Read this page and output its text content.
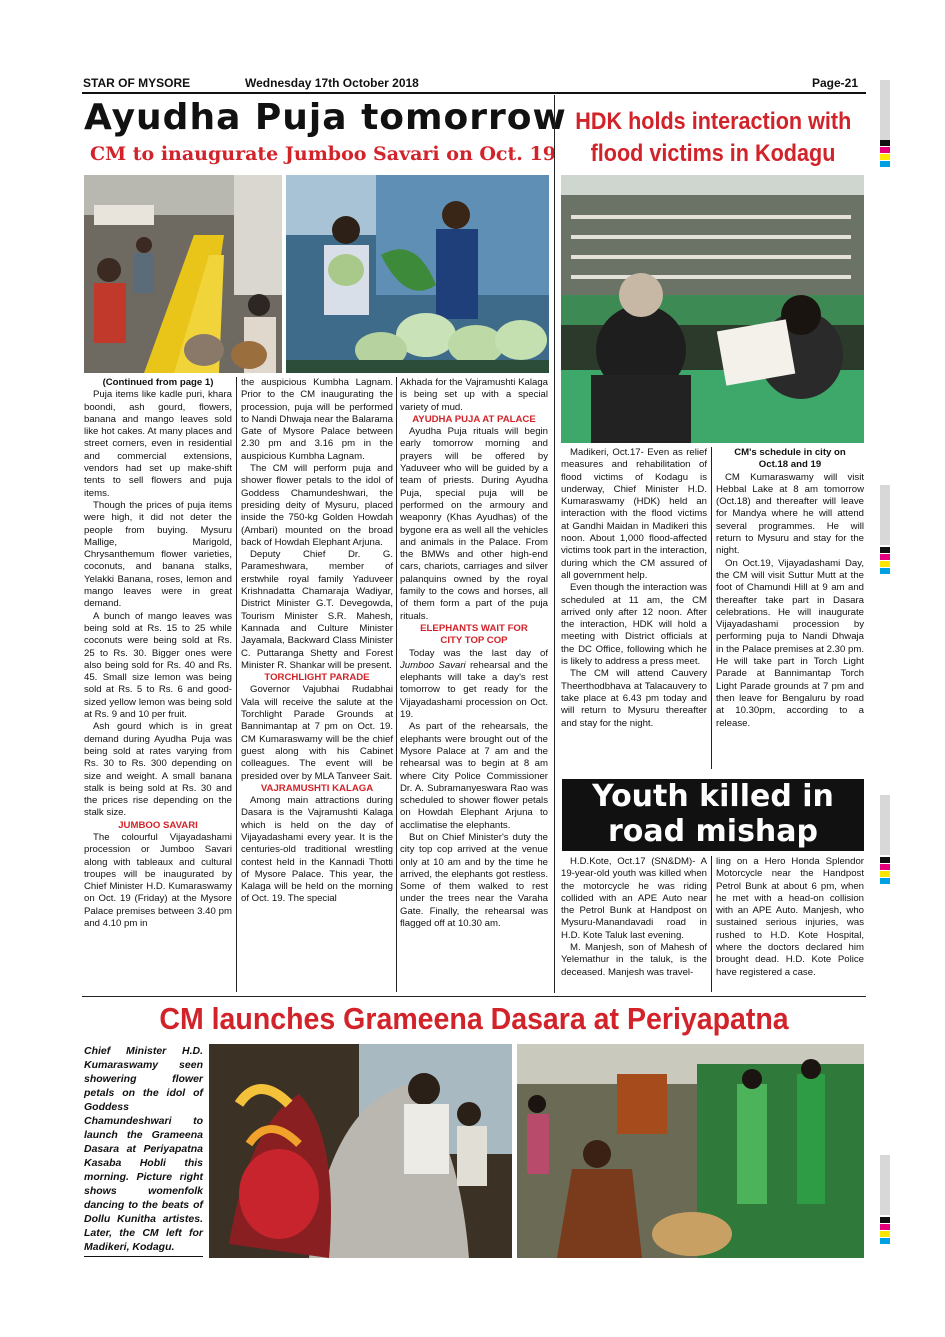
STAR OF MYSORE	Wednesday 17th October 2018	Page-21
Ayudha Puja tomorrow
CM to inaugurate Jumboo Savari on Oct. 19
(Continued from page 1)

Puja items like kadle puri, khara boondi, ash gourd, flowers, banana and mango leaves sold like hot cakes. At many places and street corners, even in residential and commercial extensions, vendors had set up make-shift tents to sell flowers and puja items.

Though the prices of puja items were high, it did not deter the people from buying. Mysuru Mallige, Marigold, Chrysanthemum flower varieties, coconuts, and banana stalks, Yelakki Banana, roses, lemon and mango leaves were in great demand.

A bunch of mango leaves was being sold at Rs. 15 to 25 while coconuts were being sold at Rs. 25 to Rs. 30. Bigger ones were also being sold for Rs. 40 and Rs. 45. Small size lemon was being sold at Rs. 5 to Rs. 6 and good-sized yellow lemon was being sold at Rs. 9 and 10 per fruit.

Ash gourd which is in great demand during Ayudha Puja was being sold at rates varying from Rs. 30 to Rs. 300 depending on size and weight. A small banana stalk is being sold at Rs. 30 and the prices rise depending on the stalk size.

JUMBOO SAVARI

The colourful Vijayadashami procession or Jumboo Savari along with tableaux and cultural troupes will be inaugurated by Chief Minister H.D. Kumaraswamy on Oct. 19 (Friday) at the Mysore Palace premises between 3.40 pm and 4.10 pm in

the auspicious Kumbha Lagnam. Prior to the CM inaugurating the procession, puja will be performed to Nandi Dhwaja near the Balarama Gate of Mysore Palace between 2.30 pm and 3.16 pm in the auspicious Kumbha Lagnam.

The CM will perform puja and shower flower petals to the idol of Goddess Chamundeshwari, the presiding deity of Mysuru, placed inside the 750-kg Golden Howdah (Ambari) mounted on the broad back of Howdah Elephant Arjuna.

Deputy Chief Dr. G. Parameshwara, member of erstwhile royal family Yaduveer Krishnadatta Chamaraja Wadiyar, District Minister G.T. Devegowda, Tourism Minister S.R. Mahesh, Kannada and Culture Minister Jayamala, Backward Class Minister C. Puttaranga Shetty and Forest Minister R. Shankar will be present.

TORCHLIGHT PARADE

Governor Vajubhai Rudabhai Vala will receive the salute at the Torchlight Parade Grounds at Bannimantap at 7 pm on Oct. 19. CM Kumaraswamy will be the chief guest along with his Cabinet colleagues. The event will be presided over by MLA Tanveer Sait.

VAJRAMUSHTI KALAGA

Among main attractions during Dasara is the Vajramushti Kalaga which is held on the day of Vijayadashami every year. It is the centuries-old traditional wrestling contest held in the Kannadi Thotti of Mysore Palace. This year, the Kalaga will be held on the morning of Oct. 19. The special

Akhada for the Vajramushti Kalaga is being set up with a special variety of mud.

AYUDHA PUJA AT PALACE

Ayudha Puja rituals will begin early tomorrow morning and prayers will be offered by Yaduveer who will be guided by a team of priests. During Ayudha Puja, special puja will be performed on the armoury and weaponry (Khas Ayudhas) of the bygone era as well all the vehicles and animals in the Palace. From the BMWs and other high-end cars, chariots, carriages and silver palanquins owned by the royal family to the cows and horses, all of them form a part of the puja rituals.

ELEPHANTS WAIT FOR
CITY TOP COP

Today was the last day of Jumboo Savari rehearsal and the elephants will take a day's rest tomorrow to get ready for the Vijayadashami procession on Oct. 19.

As part of the rehearsals, the elephants were brought out of the Mysore Palace at 7 am and the rehearsal was to begin at 8 am where City Police Commissioner Dr. A. Subramanyeswara Rao was scheduled to shower flower petals on Howdah Elephant Arjuna to acclimatise the elephants.

But on Chief Minister's duty the city top cop arrived at the venue only at 10 am and by the time he arrived, the elephants got restless. Some of them walked to rest under the trees near the Varaha Gate. Finally, the rehearsal was flagged off at 10.30 am.

HDK holds interaction with
flood victims in Kodagu

Madikeri, Oct.17- Even as relief measures and rehabilitation of flood victims of Kodagu is underway, Chief Minister H.D. Kumaraswamy (HDK) held an interaction with the flood victims at Gandhi Maidan in Madikeri this noon. About 1,000 flood-affected victims took part in the interaction, during which the CM assured of all government help.

Even though the interaction was scheduled at 11 am, the CM arrived only after 12 noon. After the interaction, HDK will hold a meeting with District officials at the DC Office, following which he is likely to address a press meet.

The CM will attend Cauvery Theerthodbhava at Talacauvery to take place at 6.43 pm today and will return to Mysuru thereafter and stay for the night.

CM's schedule in city on
Oct.18 and 19

CM Kumaraswamy will visit Hebbal Lake at 8 am tomorrow (Oct.18) and thereafter will leave for Mandya where he will attend several programmes. He will return to Mysuru and stay for the night.

On Oct.19, Vijayadashami Day, the CM will visit Suttur Mutt at the foot of Chamundi Hill at 9 am and thereafter take part in Dasara celebrations. He will inaugurate Vijayadashami procession by performing puja to Nandi Dhwaja in the Palace premises at 2.30 pm. He will take part in Torch Light Parade at Bannimantap Torch Light Parade grounds at 7 pm and then leave for Bengaluru by road at 10.30pm, according to a release.

Youth killed in
road mishap

H.D.Kote, Oct.17 (SN&DM)- A 19-year-old youth was killed when the motorcycle he was riding collided with an APE Auto near the Petrol Bunk at Handpost on Mysuru-Manandavadi road in H.D. Kote Taluk last evening.

M. Manjesh, son of Mahesh of Yelemathur in the taluk, is the deceased. Manjesh was travel-

ling on a Hero Honda Splendor Motorcycle near the Handpost Petrol Bunk at about 6 pm, when he met with a head-on collision with an APE Auto. Manjesh, who sustained serious injuries, was rushed to H.D. Kote Hospital, where the doctors declared him brought dead. H.D. Kote Police have registered a case.

CM launches Grameena Dasara at Periyapatna
Chief Minister H.D. Kumaraswamy seen showering flower petals on the idol of Goddess Chamundeshwari to launch the Grameena Dasara at Periyapatna Kasaba Hobli this morning. Picture right shows womenfolk dancing to the beats of Dollu Kunitha artistes. Later, the CM left for Madikeri, Kodagu.
